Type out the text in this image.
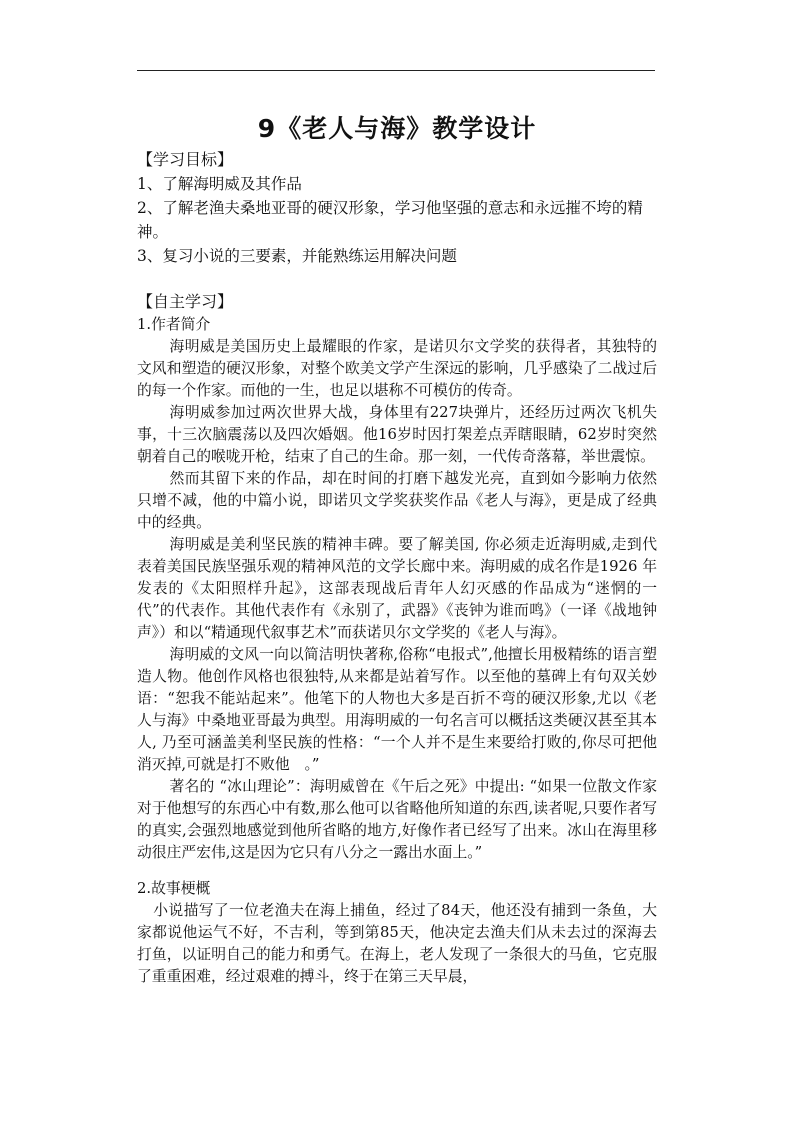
9《老人与海》教学设计

【学习目标】

1、了解海明威及其作品

2、了解老渔夫桑地亚哥的硬汉形象，学习他坚强的意志和永远摧不垮的精神。

3、复习小说的三要素，并能熟练运用解决问题

【自主学习】

1.作者简介

海明威是美国历史上最耀眼的作家，是诺贝尔文学奖的获得者，其独特的文风和塑造的硬汉形象，对整个欧美文学产生深远的影响，几乎感染了二战过后的每一个作家。而他的一生，也足以堪称不可模仿的传奇。

海明威参加过两次世界大战，身体里有227块弹片，还经历过两次飞机失事，十三次脑震荡以及四次婚姻。他16岁时因打架差点弄瞎眼睛，62岁时突然朝着自己的喉咙开枪，结束了自己的生命。那一刻，一代传奇落幕，举世震惊。

然而其留下来的作品，却在时间的打磨下越发光亮，直到如今影响力依然只增不减，他的中篇小说，即诺贝文学奖获奖作品《老人与海》，更是成了经典中的经典。

海明威是美利坚民族的精神丰碑。要了解美国, 你必须走近海明威,走到代表着美国民族坚强乐观的精神风范的文学长廊中来。海明威的成名作是1926 年发表的《太阳照样升起》，这部表现战后青年人幻灭感的作品成为“迷惘的一代”的代表作。其他代表作有《永别了，武器》《丧钟为谁而鸣》（一译《战地钟声》）和以“精通现代叙事艺术”而获诺贝尔文学奖的《老人与海》。

海明威的文风一向以简洁明快著称,俗称“电报式”,他擅长用极精练的语言塑造人物。他创作风格也很独特,从来都是站着写作。以至他的墓碑上有句双关妙语：“恕我不能站起来”。他笔下的人物也大多是百折不弯的硬汉形象,尤以《老人与海》中桑地亚哥最为典型。用海明威的一句名言可以概括这类硬汉甚至其本人, 乃至可涵盖美利坚民族的性格：“一个人并不是生来要给打败的,你尽可把他消灭掉,可就是打不败他　。”

著名的 “冰山理论”：海明威曾在《午后之死》中提出: “如果一位散文作家对于他想写的东西心中有数,那么他可以省略他所知道的东西,读者呢,只要作者写的真实,会强烈地感觉到他所省略的地方,好像作者已经写了出来。冰山在海里移动很庄严宏伟,这是因为它只有八分之一露出水面上。”

2.故事梗概

小说描写了一位老渔夫在海上捕鱼，经过了84天，他还没有捕到一条鱼，大家都说他运气不好，不吉利，等到第85天，他决定去渔夫们从未去过的深海去打鱼，以证明自己的能力和勇气。在海上，老人发现了一条很大的马鱼，它克服了重重困难，经过艰难的搏斗，终于在第三天早晨，
